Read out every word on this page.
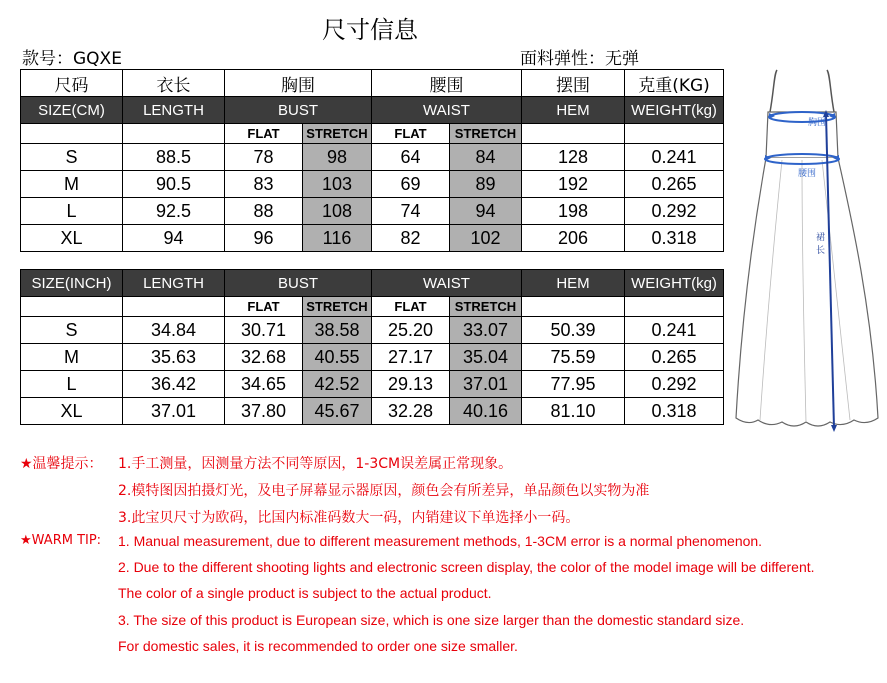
尺寸信息
款号：GQXE	面料弹性：无弹
尺码	衣长	胸围		腰围		摆围	克重(KG)
SIZE(CM)	LENGTH	BUST		WAIST		HEM	WEIGHT(kg)
		FLAT	STRETCH	FLAT	STRETCH		
S	88.5	78	98	64	84	128	0.241
M	90.5	83	103	69	89	192	0.265
L	92.5	88	108	74	94	198	0.292
XL	94	96	116	82	102	206	0.318
SIZE(INCH)	LENGTH	BUST		WAIST		HEM	WEIGHT(kg)
		FLAT	STRETCH	FLAT	STRETCH		
S	34.84	30.71	38.58	25.20	33.07	50.39	0.241
M	35.63	32.68	40.55	27.17	35.04	75.59	0.265
L	36.42	34.65	42.52	29.13	37.01	77.95	0.292
XL	37.01	37.80	45.67	32.28	40.16	81.10	0.318
胸围
腰围
裙
长
★温馨提示： 1.手工测量，因测量方法不同等原因，1-3CM误差属正常现象。
2.模特图因拍摄灯光，及电子屏幕显示器原因，颜色会有所差异，单品颜色以实物为准
3.此宝贝尺寸为欧码，比国内标准码数大一码，内销建议下单选择小一码。
★WARM TIP: 1. Manual measurement, due to different measurement methods, 1-3CM error is a normal phenomenon.
2. Due to the different shooting lights and electronic screen display, the color of the model image will be different.
The color of a single product is subject to the actual product.
3. The size of this product is European size, which is one size larger than the domestic standard size.
For domestic sales, it is recommended to order one size smaller.
